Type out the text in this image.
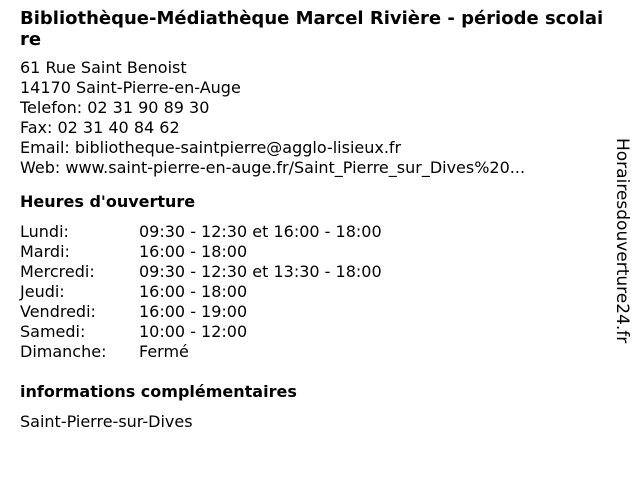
Bibliothèque-Médiathèque Marcel Rivière - période scolaire
61 Rue Saint Benoist
14170 Saint-Pierre-en-Auge
Telefon: 02 31 90 89 30
Fax: 02 31 40 84 62
Email: bibliotheque-saintpierre@agglo-lisieux.fr
Web: www.saint-pierre-en-auge.fr/Saint_Pierre_sur_Dives%20...
Heures d'ouverture
Lundi:	09:30 - 12:30 et 16:00 - 18:00
Mardi:	16:00 - 18:00
Mercredi:	09:30 - 12:30 et 13:30 - 18:00
Jeudi:	16:00 - 18:00
Vendredi:	16:00 - 19:00
Samedi:	10:00 - 12:00
Dimanche:	Fermé
informations complémentaires
Saint-Pierre-sur-Dives
Horairesdouverture24.fr
